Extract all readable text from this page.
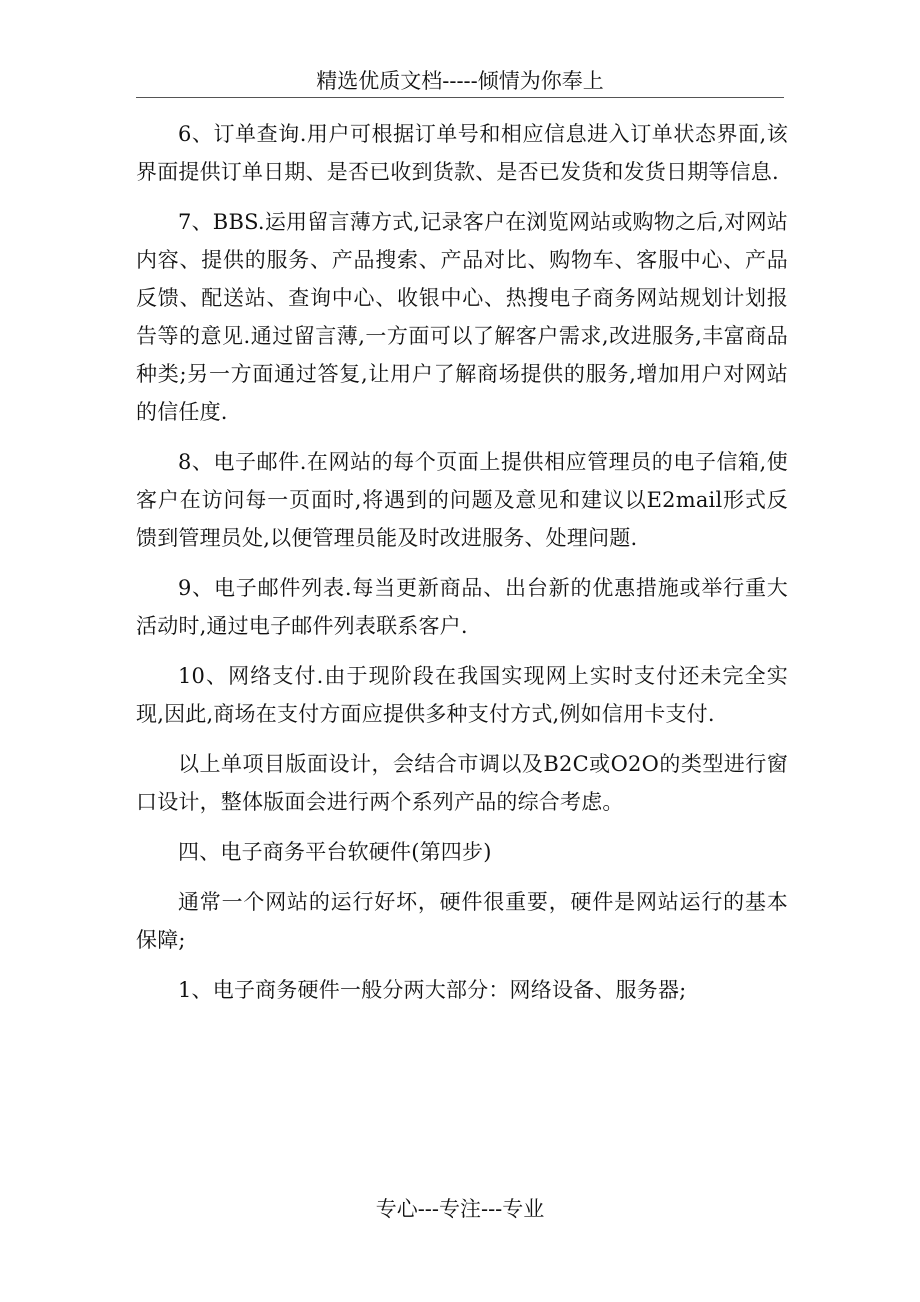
精选优质文档-----倾情为你奉上

6、订单查询.用户可根据订单号和相应信息进入订单状态界面,该界面提供订单日期、是否已收到货款、是否已发货和发货日期等信息.

7、BBS.运用留言薄方式,记录客户在浏览网站或购物之后,对网站内容、提供的服务、产品搜索、产品对比、购物车、客服中心、产品反馈、配送站、查询中心、收银中心、热搜电子商务网站规划计划报告等的意见.通过留言薄,一方面可以了解客户需求,改进服务,丰富商品种类;另一方面通过答复,让用户了解商场提供的服务,增加用户对网站的信任度.

8、电子邮件.在网站的每个页面上提供相应管理员的电子信箱,使客户在访问每一页面时,将遇到的问题及意见和建议以E2mail形式反馈到管理员处,以便管理员能及时改进服务、处理问题.

9、电子邮件列表.每当更新商品、出台新的优惠措施或举行重大活动时,通过电子邮件列表联系客户.

10、网络支付.由于现阶段在我国实现网上实时支付还未完全实现,因此,商场在支付方面应提供多种支付方式,例如信用卡支付.

以上单项目版面设计，会结合市调以及B2C或O2O的类型进行窗口设计，整体版面会进行两个系列产品的综合考虑。

四、电子商务平台软硬件(第四步)

通常一个网站的运行好坏，硬件很重要，硬件是网站运行的基本保障;

1、电子商务硬件一般分两大部分：网络设备、服务器;

专心---专注---专业
